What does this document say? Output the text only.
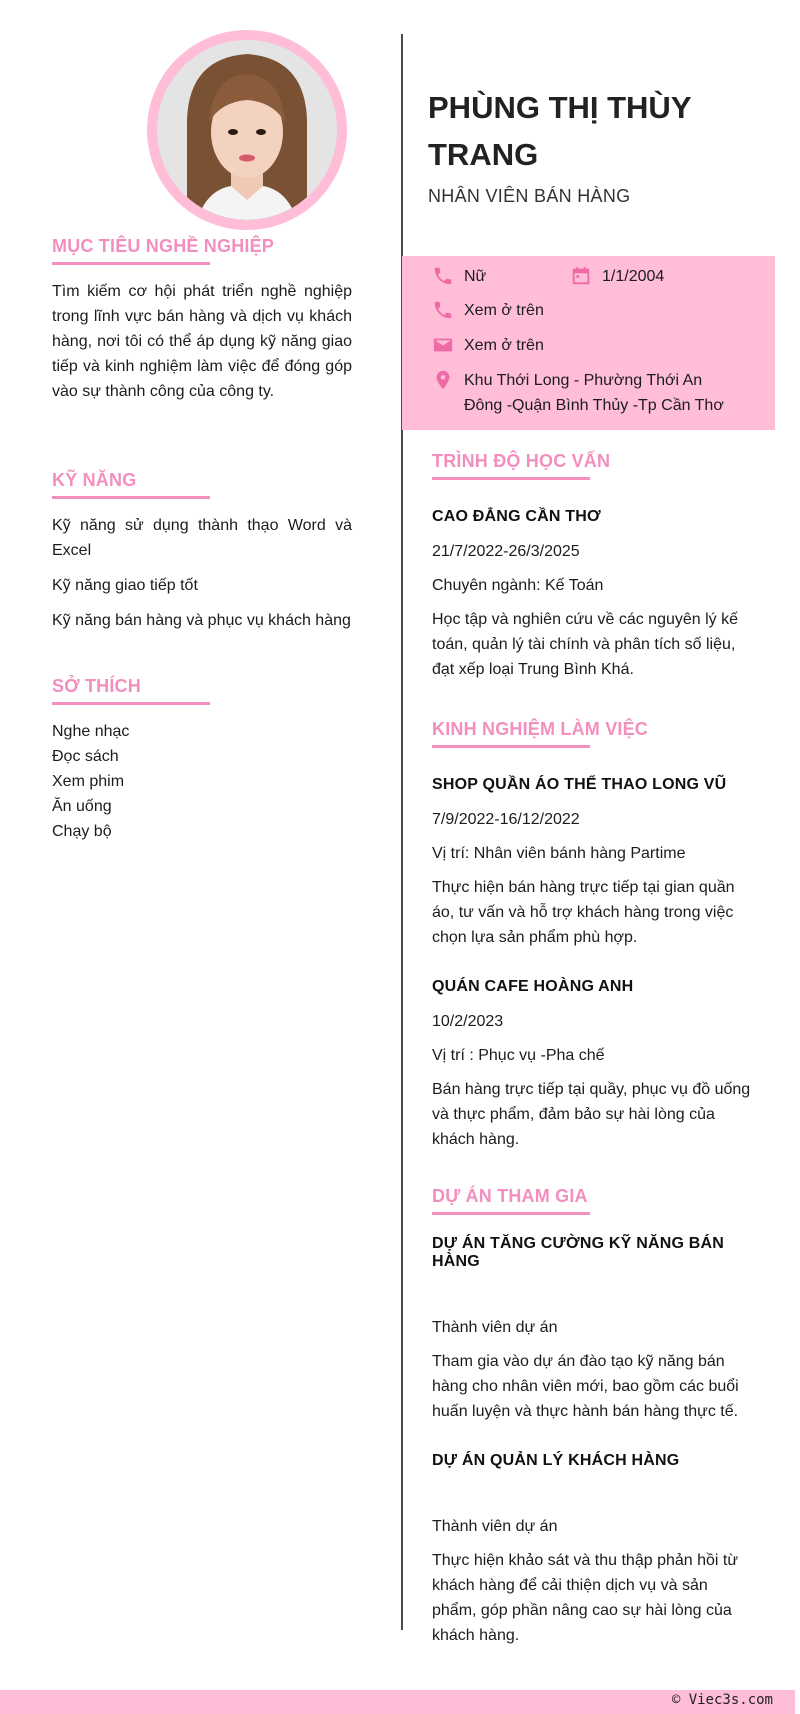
MỤC TIÊU NGHỀ NGHIỆP

Tìm kiếm cơ hội phát triển nghề nghiệp trong lĩnh vực bán hàng và dịch vụ khách hàng, nơi tôi có thể áp dụng kỹ năng giao tiếp và kinh nghiệm làm việc để đóng góp vào sự thành công của công ty.

KỸ NĂNG

Kỹ năng sử dụng thành thạo Word và Excel

Kỹ năng giao tiếp tốt

Kỹ năng bán hàng và phục vụ khách hàng

SỞ THÍCH
Nghe nhạc
Đọc sách
Xem phim
Ăn uống
Chạy bộ
PHÙNG THỊ THÙY TRANG
NHÂN VIÊN BÁN HÀNG
Nữ	1/1/2004
Xem ở trên
Xem ở trên
Khu Thới Long - Phường Thới An Đông -Quận Bình Thủy -Tp Cần Thơ
TRÌNH ĐỘ HỌC VẤN

CAO ĐẲNG CẦN THƠ

21/7/2022-26/3/2025

Chuyên ngành: Kế Toán

Học tập và nghiên cứu về các nguyên lý kế toán, quản lý tài chính và phân tích số liệu, đạt xếp loại Trung Bình Khá.

KINH NGHIỆM LÀM VIỆC

SHOP QUẦN ÁO THỂ THAO LONG VŨ

7/9/2022-16/12/2022

Vị trí: Nhân viên bánh hàng Partime

Thực hiện bán hàng trực tiếp tại gian quần áo, tư vấn và hỗ trợ khách hàng trong việc chọn lựa sản phẩm phù hợp.

QUÁN CAFE HOÀNG ANH

10/2/2023

Vị trí : Phục vụ -Pha chế

Bán hàng trực tiếp tại quầy, phục vụ đồ uống và thực phẩm, đảm bảo sự hài lòng của khách hàng.

DỰ ÁN THAM GIA

DỰ ÁN TĂNG CƯỜNG KỸ NĂNG BÁN HÀNG

Thành viên dự án

Tham gia vào dự án đào tạo kỹ năng bán hàng cho nhân viên mới, bao gồm các buổi huấn luyện và thực hành bán hàng thực tế.

DỰ ÁN QUẢN LÝ KHÁCH HÀNG

Thành viên dự án

Thực hiện khảo sát và thu thập phản hồi từ khách hàng để cải thiện dịch vụ và sản phẩm, góp phần nâng cao sự hài lòng của khách hàng.

© Viec3s.com
